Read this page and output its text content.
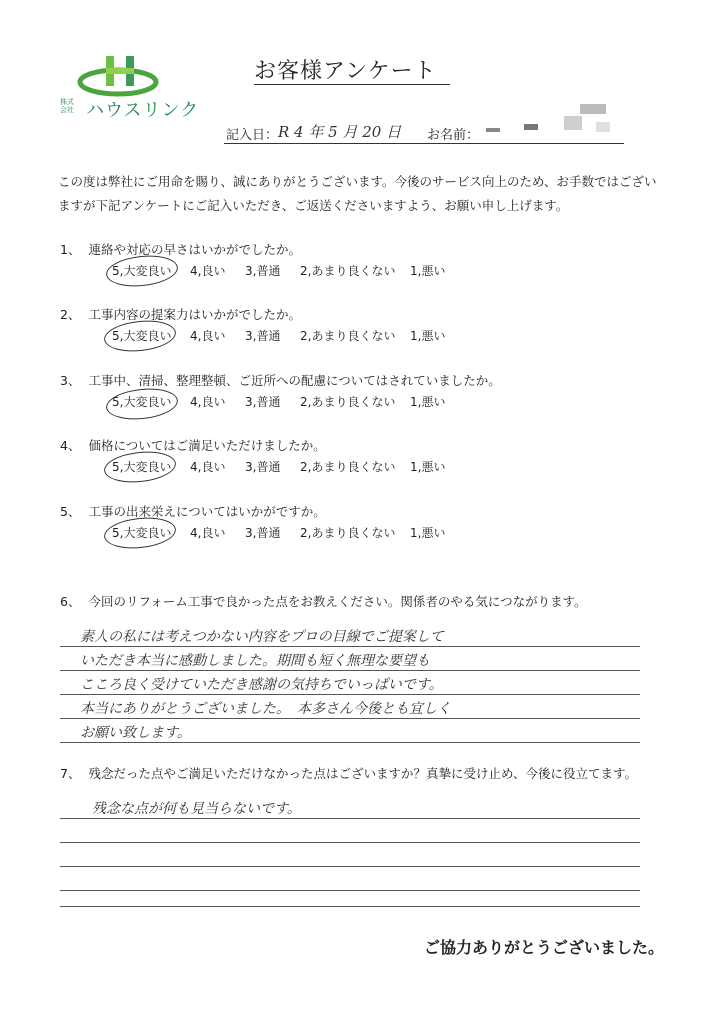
株式会社 ハウスリンク
お客様アンケート
記入日： R 4 年 5 月 20 日 お名前：
この度は弊社にご用命を賜り、誠にありがとうございます。今後のサービス向上のため、お手数ではございますが下記アンケートにご記入いただき、ご返送くださいますよう、お願い申し上げます。
1、 連絡や対応の早さはいかがでしたか。
5,大変良い 4,良い 3,普通 2,あまり良くない 1,悪い
2、 工事内容の提案力はいかがでしたか。
5,大変良い 4,良い 3,普通 2,あまり良くない 1,悪い
3、 工事中、清掃、整理整頓、ご近所への配慮についてはされていましたか。
5,大変良い 4,良い 3,普通 2,あまり良くない 1,悪い
4、 価格についてはご満足いただけましたか。
5,大変良い 4,良い 3,普通 2,あまり良くない 1,悪い
5、 工事の出来栄えについてはいかがですか。
5,大変良い 4,良い 3,普通 2,あまり良くない 1,悪い
6、 今回のリフォーム工事で良かった点をお教えください。関係者のやる気につながります。
素人の私には考えつかない内容をプロの目線でご提案して
いただき本当に感動しました。期間も短く無理な要望も
こころ良く受けていただき感謝の気持ちでいっぱいです。
本当にありがとうございました。　本多さん今後とも宜しく
お願い致します。
7、 残念だった点やご満足いただけなかった点はございますか？真摯に受け止め、今後に役立てます。
残念な点が何も見当らないです。
ご協力ありがとうございました。
